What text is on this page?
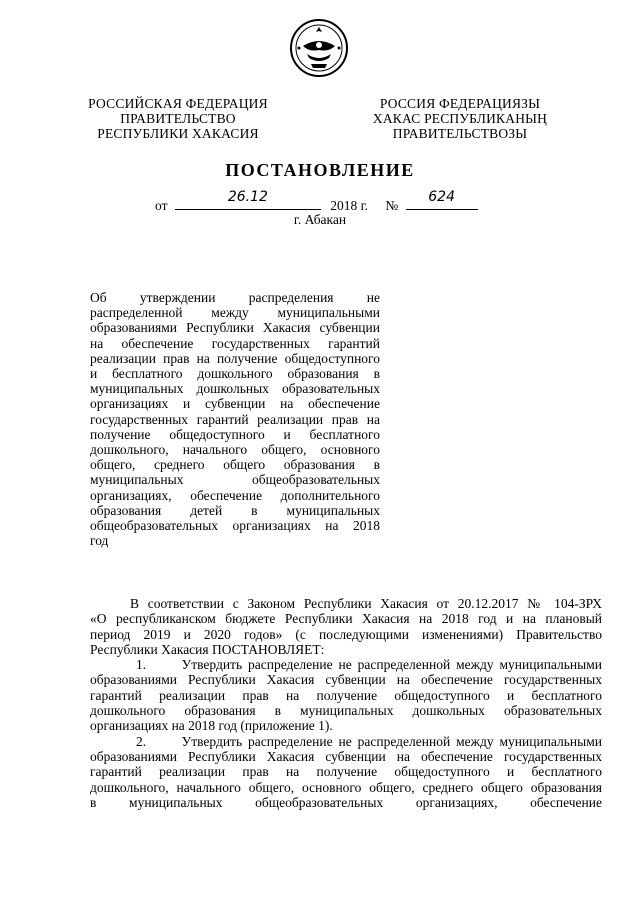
РОССИЙСКАЯ ФЕДЕРАЦИЯ
ПРАВИТЕЛЬСТВО
РЕСПУБЛИКИ ХАКАСИЯ
РОССИЯ ФЕДЕРАЦИЯЗЫ
ХАКАС РЕСПУБЛИКАНЫҢ
ПРАВИТЕЛЬСТВОЗЫ
ПОСТАНОВЛЕНИЕ
от
26.12
2018 г. №
624
г. Абакан
Об утверждении распределения не
распределенной между муниципальными
образованиями Республики Хакасия субвенции
на обеспечение государственных гарантий
реализации прав на получение общедоступного
и бесплатного дошкольного образования в
муниципальных дошкольных образовательных
организациях и субвенции на обеспечение
государственных гарантий реализации прав на
получение общедоступного и бесплатного
дошкольного, начального общего, основного
общего, среднего общего образования в
муниципальных общеобразовательных
организациях, обеспечение дополнительного
образования детей в муниципальных
общеобразовательных организациях на 2018
год
В соответствии с Законом Республики Хакасия от 20.12.2017 № 104-ЗРХ
«О республиканском бюджете Республики Хакасия на 2018 год и на плановый
период 2019 и 2020 годов» (с последующими изменениями) Правительство
Республики Хакасия ПОСТАНОВЛЯЕТ:
1.      Утвердить распределение не распределенной между муниципальными
образованиями Республики Хакасия субвенции на обеспечение государственных
гарантий реализации прав на получение общедоступного и бесплатного
дошкольного образования в муниципальных дошкольных образовательных
организациях на 2018 год (приложение 1).
2.      Утвердить распределение не распределенной между муниципальными
образованиями Республики Хакасия субвенции на обеспечение государственных
гарантий реализации прав на получение общедоступного и бесплатного
дошкольного, начального общего, основного общего, среднего общего образования
в муниципальных общеобразовательных организациях, обеспечение
